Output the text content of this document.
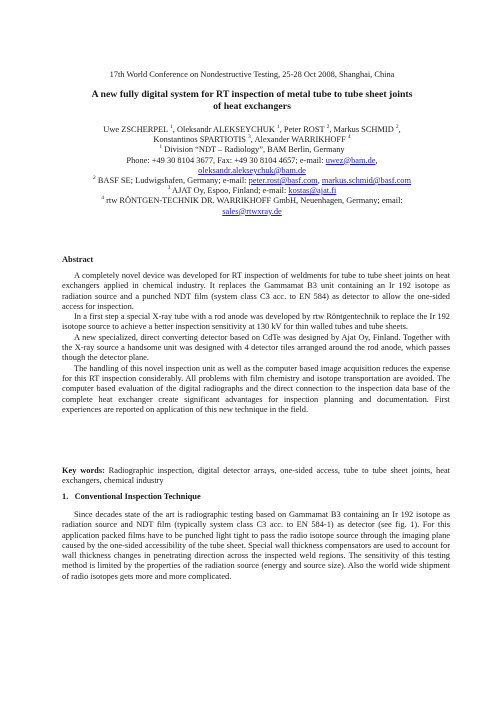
17th World Conference on Nondestructive Testing, 25-28 Oct 2008, Shanghai, China
A new fully digital system for RT inspection of metal tube to tube sheet joints
of heat exchangers
Uwe ZSCHERPEL $^1$, Oleksandr ALEKSEYCHUK $^1$, Peter ROST $^2$, Markus SCHMID $^2$,
Konstantinos SPARTIOTIS $^3$, Alexander WARRIKHOFF $^4$
$^1$ Division “NDT – Radiology”, BAM Berlin, Germany
Phone: +49 30 8104 3677, Fax: +49 30 8104 4657; e-mail: uwez@bam.de,
oleksandr.alekseychuk@bam.de
$^2$ BASF SE; Ludwigshafen, Germany; e-mail: peter.rost@basf.com, markus.schmid@basf.com
$^3$ AJAT Oy, Espoo, Finland; e-mail: kostas@ajat.fi
$^4$ rtw RÖNTGEN-TECHNIK DR. WARRIKHOFF GmbH, Neuenhagen, Germany; email:
sales@rtwxray.de
Abstract

A completely novel device was developed for RT inspection of weldments for tube to tube sheet joints on heat exchangers applied in chemical industry. It replaces the Gammamat B3 unit containing an Ir 192 isotope as radiation source and a punched NDT film (system class C3 acc. to EN 584) as detector to allow the one-sided access for inspection.

In a first step a special X-ray tube with a rod anode was developed by rtw Röntgentechnik to replace the Ir 192 isotope source to achieve a better inspection sensitivity at 130 kV for thin walled tubes and tube sheets.

A new specialized, direct converting detector based on CdTe was designed by Ajat Oy, Finland. Together with the X-ray source a handsome unit was designed with 4 detector tiles arranged around the rod anode, which passes though the detector plane.

The handling of this novel inspection unit as well as the computer based image acquisition reduces the expense for this RT inspection considerably. All problems with film chemistry and isotope transportation are avoided. The computer based evaluation of the digital radiographs and the direct connection to the inspection data base of the complete heat exchanger create significant advantages for inspection planning and documentation. First experiences are reported on application of this new technique in the field.

Key words: Radiographic inspection, digital detector arrays, one-sided access, tube to tube sheet joints, heat exchangers, chemical industry
1.   Conventional Inspection Technique

Since decades state of the art is radiographic testing based on Gammamat B3 containing an Ir 192 isotope as radiation source and NDT film (typically system class C3 acc. to EN 584-1) as detector (see fig. 1). For this application packed films have to be punched light tight to pass the radio isotope source through the imaging plane caused by the one-sided accessibility of the tube sheet. Special wall thickness compensators are used to account for wall thickness changes in penetrating direction across the inspected weld regions. The sensitivity of this testing method is limited by the properties of the radiation source (energy and source size). Also the world wide shipment of radio isotopes gets more and more complicated.
